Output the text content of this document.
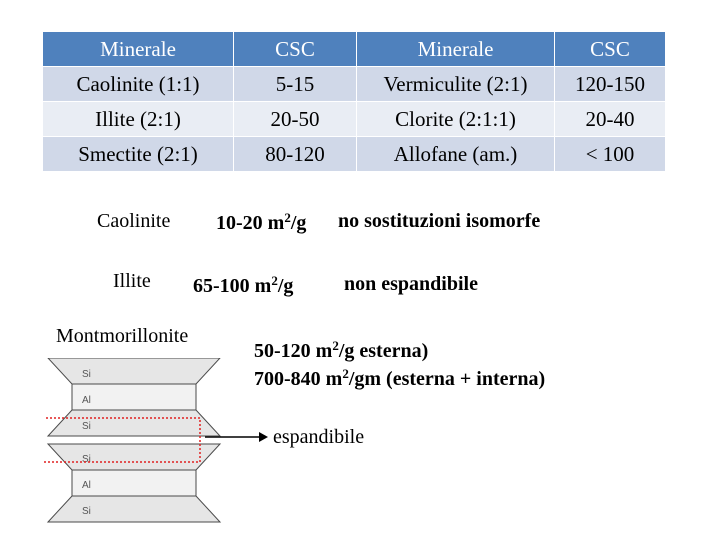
Minerale	CSC	Minerale	CSC
Caolinite (1:1)	5-15	Vermiculite (2:1)	120-150
Illite (2:1)	20-50	Clorite (2:1:1)	20-40
Smectite (2:1)	80-120	Allofane (am.)	< 100
Caolinite 10-20 $m^2/g$ no sostituzioni isomorfe
Illite 65-100 $m^2/g$	non espandibile
Montmorillonite
50-120 $m^2/g$ esterna)
700-840 $m^2/gm$ (esterna + interna)
espandibile
Si
Al
Si
Si
Al
Si
